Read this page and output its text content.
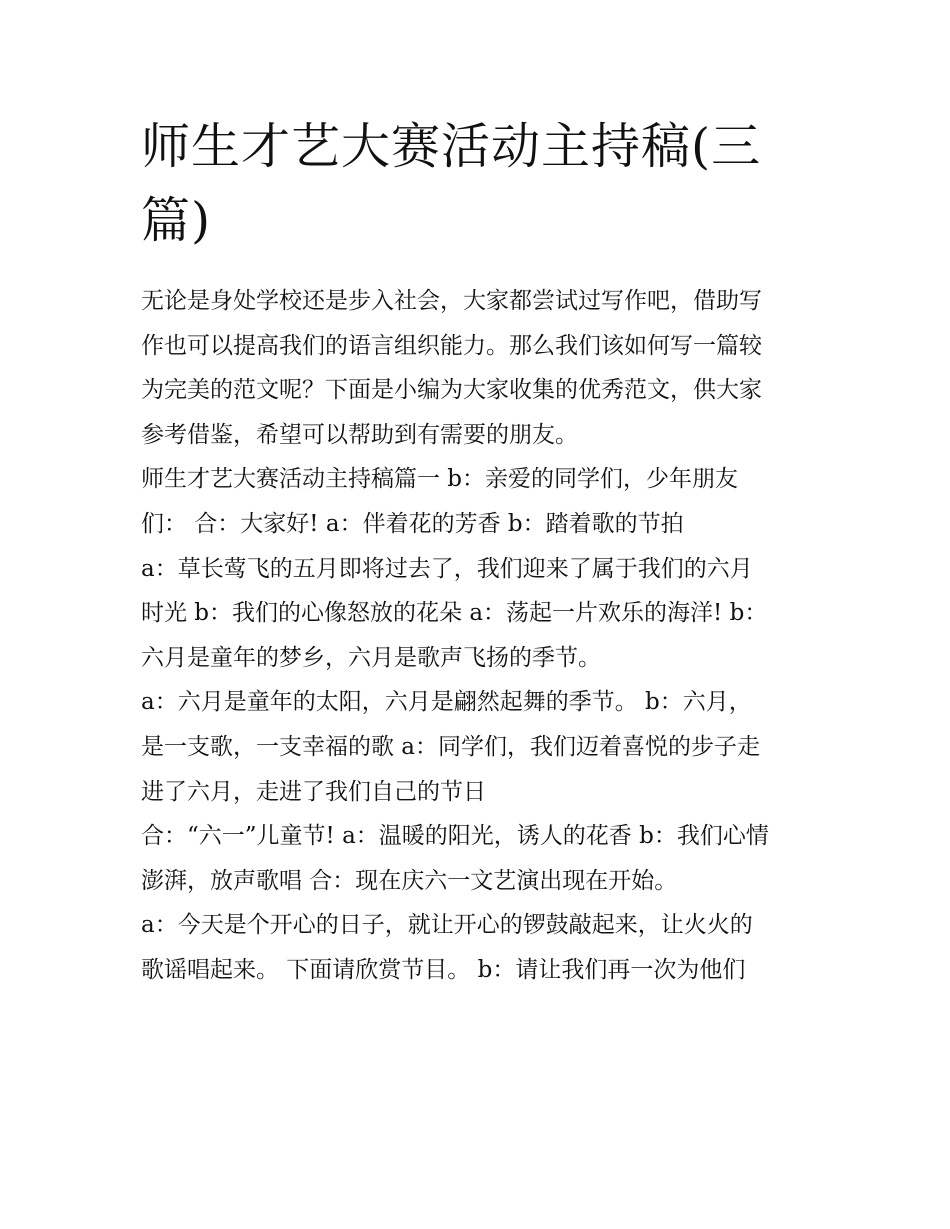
师生才艺大赛活动主持稿(三
篇)

无论是身处学校还是步入社会，大家都尝试过写作吧，借助写

作也可以提高我们的语言组织能力。那么我们该如何写一篇较

为完美的范文呢？下面是小编为大家收集的优秀范文，供大家

参考借鉴，希望可以帮助到有需要的朋友。

师生才艺大赛活动主持稿篇一 b：亲爱的同学们，少年朋友

们： 合：大家好! a：伴着花的芳香 b：踏着歌的节拍

a：草长莺飞的五月即将过去了，我们迎来了属于我们的六月

时光 b：我们的心像怒放的花朵 a：荡起一片欢乐的海洋! b：

六月是童年的梦乡，六月是歌声飞扬的季节。

a：六月是童年的太阳，六月是翩然起舞的季节。 b：六月，

是一支歌，一支幸福的歌 a：同学们，我们迈着喜悦的步子走

进了六月，走进了我们自己的节日

合：“六一”儿童节! a：温暖的阳光，诱人的花香 b：我们心情

澎湃，放声歌唱 合：现在庆六一文艺演出现在开始。

a：今天是个开心的日子，就让开心的锣鼓敲起来，让火火的

歌谣唱起来。 下面请欣赏节目。 b：请让我们再一次为他们
